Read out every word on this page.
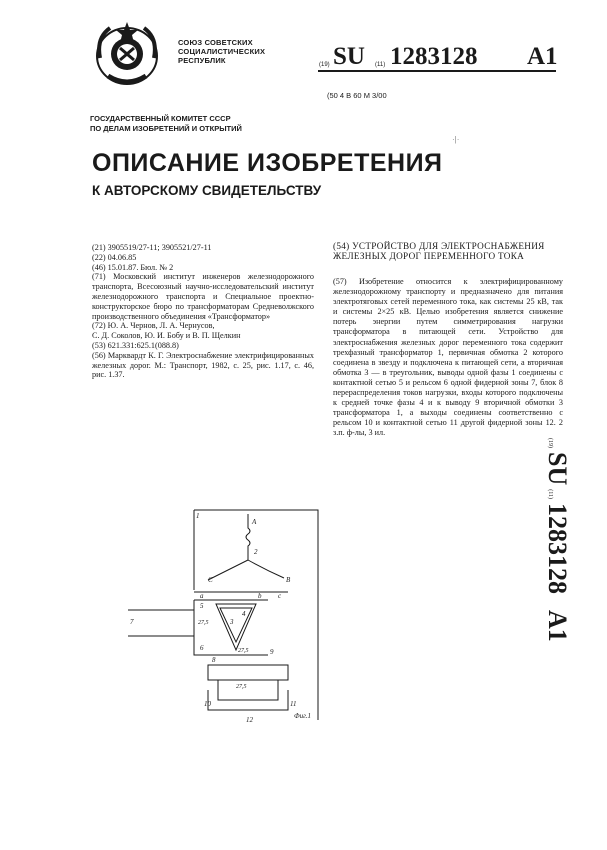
СОЮЗ СОВЕТСКИХ
СОЦИАЛИСТИЧЕСКИХ
РЕСПУБЛИК	(19) SU (11) 1283128 A1
(50 4 В 60 М 3/00
·|·
ГОСУДАРСТВЕННЫЙ КОМИТЕТ СССР
ПО ДЕЛАМ ИЗОБРЕТЕНИЙ И ОТКРЫТИЙ
ОПИСАНИЕ ИЗОБРЕТЕНИЯ
К АВТОРСКОМУ СВИДЕТЕЛЬСТВУ

(21) 3905519/27-11; 3905521/27-11

(22) 04.06.85

(46) 15.01.87. Бюл. № 2

(71) Московский институт инженеров железнодорожного транспорта, Всесоюзный научно-исследовательский институт железнодорожного транспорта и Специальное проектно-конструкторское бюро по трансформаторам Средневолжского производственного объединения «Трансформатор»

(72) Ю. А. Чернов, Л. А. Чернусов,

С. Д. Соколов, Ю. И. Бобу и В. П. Щелкин

(53) 621.331:625.1(088.8)

(56) Марквардт К. Г. Электроснабжение электрифицированных железных дорог. М.: Транспорт, 1982, с. 25, рис. 1.17, с. 46, рис. 1.37.

(54) УСТРОЙСТВО ДЛЯ ЭЛЕКТРОСНАБЖЕНИЯ ЖЕЛЕЗНЫХ ДОРОГ ПЕРЕМЕННОГО ТОКА
(57) Изобретение относится к электрифицированному железнодорожному транспорту и предназначено для питания электротяговых сетей переменного тока, как системы 25 кВ, так и системы 2×25 кВ. Целью изобретения является снижение потерь энергии путем симметрирования нагрузки трансформатора в питающей сети. Устройство для электроснабжения железных дорог переменного тока содержит трехфазный трансформатор 1, первичная обмотка 2 которого соединена в звезду и подключена к питающей сети, а вторичная обмотка 3 — в треугольник, выводы одной фазы 1 соединены с контактной сетью 5 и рельсом 6 одной фидерной зоны 7, блок 8 перераспределения токов нагрузки, входы которого подключены к средней точке фазы 4 и к выводу 9 вторичной обмотки 3 трансформатора 1, а выходы соединены соответственно с рельсом 10 и контактной сетью 11 другой фидерной зоны 12. 2 з.п. ф-лы, 3 ил.
(19) SU (11) 1283128    A1
1
A
2
C	B
a	b c
3
4
5
6
7
8
9
10	11
12
27,5
27,5
27,5
Фиг.1
